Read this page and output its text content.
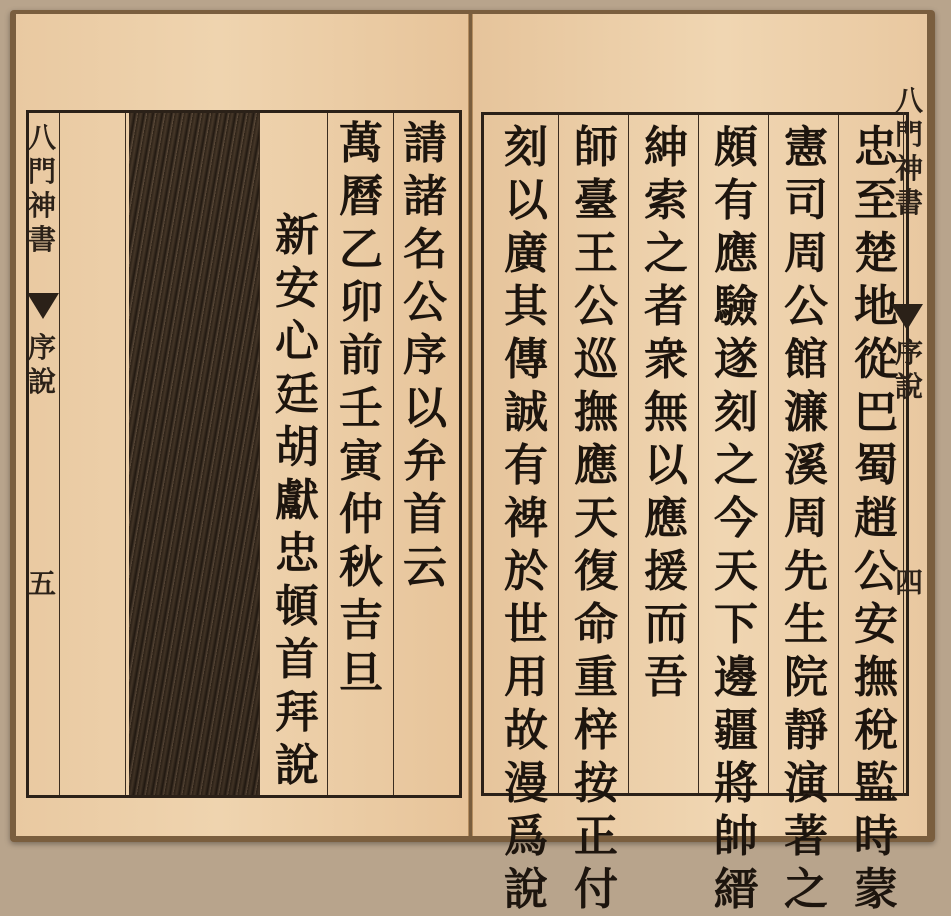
八
門
神
書
序
說
五
請
諸
名
公
序
以
弁
首
云
萬
曆
乙
卯
前
壬
寅
仲
秋
吉
旦
新
安
心
廷
胡
獻
忠
頓
首
拜
說
忠
至
楚
地
從
巴
蜀
趙
公
安
撫
稅
監
時
蒙
憲
司
周
公
館
濂
溪
周
先
生
院
靜
演
著
之
頗
有
應
驗
遂
刻
之
今
天
下
邊
疆
將
帥
縉
紳
索
之
者
衆
無
以
應
援
而
吾
師
臺
王
公
巡
撫
應
天
復
命
重
梓
按
正
付
刻
以
廣
其
傳
誠
有
裨
於
世
用
故
漫
爲
說
八
門
神
書
序
說
四
